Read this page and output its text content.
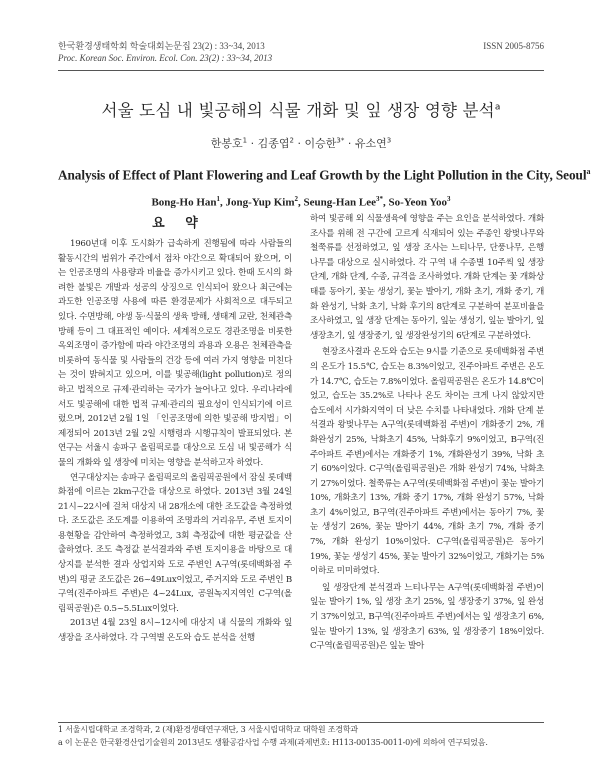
한국환경생태학회 학술대회논문집 23(2) : 33~34, 2013
Proc. Korean Soc. Environ. Ecol. Con. 23(2) : 33~34, 2013
ISSN 2005-8756
서울 도심 내 빛공해의 식물 개화 및 잎 생장 영향 분석$^a$
한봉호$^1$ · 김종엽$^2$ · 이승한$^{3*}$ · 유소연$^3$
Analysis of Effect of Plant Flowering and Leaf Growth by the Light Pollution in the City, Seoul$^a$
Bong-Ho Han$^1$, Jong-Yup Kim$^2$, Seung-Han Lee$^{3*}$, So-Yeon Yoo$^3$
요 약

1960년대 이후 도시화가 급속하게 진행됨에 따라 사람들의 활동시간의 범위가 주간에서 점차 야간으로 확대되어 왔으며, 이는 인공조명의 사용량과 비율을 증가시키고 있다. 한때 도시의 화려한 불빛은 개발과 성공의 상징으로 인식되어 왔으나 최근에는 과도한 인공조명 사용에 따른 환경문제가 사회적으로 대두되고 있다. 수면방해, 야생 동·식물의 생육 방해, 생태계 교란, 천체관측 방해 등이 그 대표적인 예이다. 세계적으로도 경관조명을 비롯한 옥외조명이 증가함에 따라 야간조명의 과용과 오용은 천체관측을 비롯하여 동식물 및 사람들의 건강 등에 여러 가지 영향을 미친다는 것이 밝혀지고 있으며, 이를 빛공해(light pollution)로 정의하고 법적으로 규제·관리하는 국가가 늘어나고 있다. 우리나라에서도 빛공해에 대한 법적 규제·관리의 필요성이 인식되기에 이르렀으며, 2012년 2월 1일 「인공조명에 의한 빛공해 방지법」이 제정되어 2013년 2월 2일 시행령과 시행규칙이 발표되었다. 본 연구는 서울시 송파구 올림픽로를 대상으로 도심 내 빛공해가 식물의 개화와 잎 생장에 미치는 영향을 분석하고자 하였다.

연구대상지는 송파구 올림픽로의 올림픽공원에서 잠실 롯데백화점에 이르는 2km구간을 대상으로 하였다. 2013년 3월 24일 21시~22시에 걸쳐 대상지 내 28개소에 대한 조도값을 측정하였다. 조도값은 조도계를 이용하여 조명과의 거리유무, 주변 토지이용현황을 감안하여 측정하였고, 3회 측정값에 대한 평균값을 산출하였다. 조도 측정값 분석결과와 주변 토지이용을 바탕으로 대상지를 분석한 결과 상업지와 도로 주변인 A구역(롯데백화점 주변)의 평균 조도값은 26~49Lux이었고, 주거지와 도로 주변인 B구역(진주아파트 주변)은 4~24Lux, 공원녹지지역인 C구역(올림픽공원)은 0.5~5.5Lux이었다.

2013년 4월 23일 8시~12시에 대상지 내 식물의 개화와 잎 생장을 조사하였다. 각 구역별 온도와 습도 분석을 선행

하여 빛공해 외 식물생육에 영향을 주는 요인을 분석하였다. 개화 조사를 위해 전 구간에 고르게 식재되어 있는 주종인 왕벚나무와 철쭉류를 선정하였고, 잎 생장 조사는 느티나무, 단풍나무, 은행나무를 대상으로 실시하였다. 각 구역 내 수종별 10주씩 잎 생장 단계, 개화 단계, 수종, 규격을 조사하였다. 개화 단계는 꽃 개화상태를 동아기, 꽃눈 생성기, 꽃눈 발아기, 개화 초기, 개화 중기, 개화 완성기, 낙화 초기, 낙화 후기의 8단계로 구분하여 분포비율을 조사하였고, 잎 생장 단계는 동아기, 잎눈 생성기, 잎눈 발아기, 잎생장초기, 잎 생장중기, 잎 생장완성기의 6단계로 구분하였다.

현장조사결과 온도와 습도는 9시를 기준으로 롯데백화점 주변의 온도가 15.5℃, 습도는 8.3%이었고, 진주아파트 주변은 온도가 14.7℃, 습도는 7.8%이었다. 올림픽공원은 온도가 14.8℃이었고, 습도는 35.2%로 나타나 온도 차이는 크게 나지 않았지만 습도에서 시가화지역이 더 낮은 수치를 나타내었다. 개화 단계 분석결과 왕벚나무는 A구역(롯데백화점 주변)이 개화중기 2%, 개화완성기 25%, 낙화초기 45%, 낙화후기 9%이었고, B구역(진주아파트 주변)에서는 개화중기 1%, 개화완성기 39%, 낙화 초기 60%이었다. C구역(올림픽공원)은 개화 완성기 74%, 낙화초기 27%이었다. 철쭉류는 A구역(롯데백화점 주변)이 꽃눈 발아기 10%, 개화초기 13%, 개화 중기 17%, 개화 완성기 57%, 낙화 초기 4%이었고, B구역(진주아파트 주변)에서는 동아기 7%, 꽃눈 생성기 26%, 꽃눈 발아기 44%, 개화 초기 7%, 개화 중기 7%, 개화 완성기 10%이었다. C구역(올림픽공원)은 동아기 19%, 꽃눈 생성기 45%, 꽃눈 발아기 32%이었고, 개화기는 5% 이하로 미미하였다.

잎 생장단계 분석결과 느티나무는 A구역(롯데백화점 주변)이 잎눈 발아기 1%, 잎 생장 초기 25%, 잎 생장중기 37%, 잎 완성기 37%이었고, B구역(진주아파트 주변)에서는 잎 생장초기 6%, 잎눈 발아기 13%, 잎 생장초기 63%, 잎 생장중기 18%이었다. C구역(올림픽공원)은 잎눈 발아

1 서울시립대학교 조경학과, 2 (재)환경생태연구재단, 3 서울시립대학교 대학원 조경학과
a 이 논문은 한국환경산업기술원의 2013년도 생활공감사업 수행 과제(과제번호: H113-00135-0011-0)에 의하여 연구되었음.
